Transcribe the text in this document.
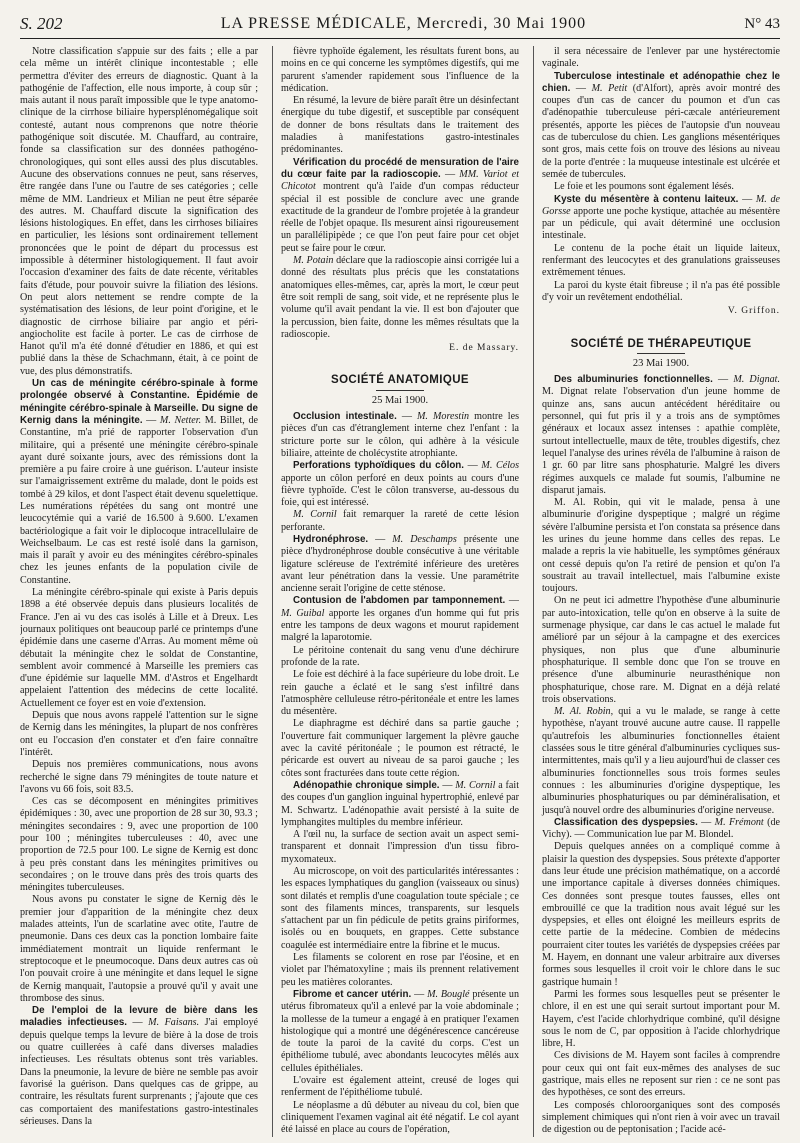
S. 202	LA PRESSE MÉDICALE, Mercredi, 30 Mai 1900	N° 43

Notre classification s'appuie sur des faits ; elle a par cela même un intérêt clinique incontestable ; elle permettra d'éviter des erreurs de diagnostic. Quant à la pathogénie de l'affection, elle nous importe, à coup sûr ; mais autant il nous paraît impossible que le type anatomo-clinique de la cirrhose biliaire hypersplénomégalique soit contesté, autant nous comprenons que notre théorie pathogénique soit discutée. M. Chauffard, au contraire, fonde sa classification sur des données pathogéno-chronologiques, qui sont elles aussi des plus discutables. Aucune des observations connues ne peut, sans réserves, être rangée dans l'une ou l'autre de ses catégories ; celle même de MM. Landrieux et Milian ne peut être séparée des autres. M. Chauffard discute la signification des lésions histologiques. En effet, dans les cirrhoses biliaires en particulier, les lésions sont ordinairement tellement prononcées que le point de départ du processus est impossible à déterminer histologiquement. Il faut avoir l'occasion d'examiner des faits de date récente, véritables faits d'étude, pour pouvoir suivre la filiation des lésions. On peut alors nettement se rendre compte de la systématisation des lésions, de leur point d'origine, et le diagnostic de cirrhose biliaire par angio et péri-angiocholite est facile à porter. Le cas de cirrhose de Hanot qu'il m'a été donné d'étudier en 1886, et qui est publié dans la thèse de Schachmann, était, à ce point de vue, des plus démonstratifs.

Un cas de méningite cérébro-spinale à forme prolongée observé à Constantine. Épidémie de méningite cérébro-spinale à Marseille. Du signe de Kernig dans la méningite. — M. Netter. M. Billet, de Constantine, m'a prié de rapporter l'observation d'un militaire, qui a présenté une méningite cérébro-spinale ayant duré soixante jours, avec des rémissions dont la première a pu faire croire à une guérison. L'auteur insiste sur l'amaigrissement extrême du malade, dont le poids est tombé à 29 kilos, et dont l'aspect était devenu squelettique. Les numérations répétées du sang ont montré une leucocytémie qui a varié de 16.500 à 9.600. L'examen bactériologique a fait voir le diplocoque intracellulaire de Weichselbaum. Le cas est resté isolé dans la garnison, mais il paraît y avoir eu des méningites cérébro-spinales chez les jeunes enfants de la population civile de Constantine.

La méningite cérébro-spinale qui existe à Paris depuis 1898 a été observée depuis dans plusieurs localités de France. J'en ai vu des cas isolés à Lille et à Dreux. Les journaux politiques ont beaucoup parlé ce printemps d'une épidémie dans une caserne d'Arras. Au moment même où débutait la méningite chez le soldat de Constantine, semblent avoir commencé à Marseille les premiers cas d'une épidémie sur laquelle MM. d'Astros et Engelhardt appelaient l'attention des médecins de cette localité. Actuellement ce foyer est en voie d'extension.

Depuis que nous avons rappelé l'attention sur le signe de Kernig dans les méningites, la plupart de nos confrères ont eu l'occasion d'en constater et d'en faire connaître l'intérêt.

Depuis nos premières communications, nous avons recherché le signe dans 79 méningites de toute nature et l'avons vu 66 fois, soit 83.5.

Ces cas se décomposent en méningites primitives épidémiques : 30, avec une proportion de 28 sur 30, 93.3 ; méningites secondaires : 9, avec une proportion de 100 pour 100 ; méningites tuberculeuses : 40, avec une proportion de 72.5 pour 100. Le signe de Kernig est donc à peu près constant dans les méningites primitives ou secondaires ; on le trouve dans près des trois quarts des méningites tuberculeuses.

Nous avons pu constater le signe de Kernig dès le premier jour d'apparition de la méningite chez deux malades atteints, l'un de scarlatine avec otite, l'autre de pneumonie. Dans ces deux cas la ponction lombaire faite immédiatement montrait un liquide renfermant le streptocoque et le pneumocoque. Dans deux autres cas où l'on pouvait croire à une méningite et dans lequel le signe de Kernig manquait, l'autopsie a prouvé qu'il y avait une thrombose des sinus.

De l'emploi de la levure de bière dans les maladies infectieuses. — M. Faisans. J'ai employé depuis quelque temps la levure de bière à la dose de trois ou quatre cuillerées à café dans diverses maladies infectieuses. Les résultats obtenus sont très variables. Dans la pneumonie, la levure de bière ne semble pas avoir favorisé la guérison. Dans quelques cas de grippe, au contraire, les résultats furent surprenants ; j'ajoute que ces cas comportaient des manifestations gastro-intestinales sérieuses. Dans la

fièvre typhoïde également, les résultats furent bons, au moins en ce qui concerne les symptômes digestifs, qui me parurent s'amender rapidement sous l'influence de la médication.

En résumé, la levure de bière paraît être un désinfectant énergique du tube digestif, et susceptible par conséquent de donner de bons résultats dans le traitement des maladies à manifestations gastro-intestinales prédominantes.

Vérification du procédé de mensuration de l'aire du cœur faite par la radioscopie. — MM. Variot et Chicotot montrent qu'à l'aide d'un compas réducteur spécial il est possible de conclure avec une grande exactitude de la grandeur de l'ombre projetée à la grandeur réelle de l'objet opaque. Ils mesurent ainsi rigoureusement un parallélipipède ; ce que l'on peut faire pour cet objet peut se faire pour le cœur.

M. Potain déclare que la radioscopie ainsi corrigée lui a donné des résultats plus précis que les constatations anatomiques elles-mêmes, car, après la mort, le cœur peut être soit rempli de sang, soit vide, et ne représente plus le volume qu'il avait pendant la vie. Il est bon d'ajouter que la percussion, bien faite, donne les mêmes résultats que la radioscopie.

E. de Massary.

SOCIÉTÉ ANATOMIQUE
25 Mai 1900.

Occlusion intestinale. — M. Morestin montre les pièces d'un cas d'étranglement interne chez l'enfant : la stricture porte sur le côlon, qui adhère à la vésicule biliaire, atteinte de cholécystite atrophiante.

Perforations typhoïdiques du côlon. — M. Célos apporte un côlon perforé en deux points au cours d'une fièvre typhoïde. C'est le côlon transverse, au-dessous du foie, qui est intéressé.

M. Cornil fait remarquer la rareté de cette lésion perforante.

Hydronéphrose. — M. Deschamps présente une pièce d'hydronéphrose double consécutive à une véritable ligature scléreuse de l'extrémité inférieure des uretères avant leur pénétration dans la vessie. Une paramétrite ancienne serait l'origine de cette sténose.

Contusion de l'abdomen par tamponnement. — M. Guibal apporte les organes d'un homme qui fut pris entre les tampons de deux wagons et mourut rapidement malgré la laparotomie.

Le péritoine contenait du sang venu d'une déchirure profonde de la rate.

Le foie est déchiré à la face supérieure du lobe droit. Le rein gauche a éclaté et le sang s'est infiltré dans l'atmosphère celluleuse rétro-péritonéale et entre les lames du mésentère.

Le diaphragme est déchiré dans sa partie gauche ; l'ouverture fait communiquer largement la plèvre gauche avec la cavité péritonéale ; le poumon est rétracté, le péricarde est ouvert au niveau de sa paroi gauche ; les côtes sont fracturées dans toute cette région.

Adénopathie chronique simple. — M. Cornil a fait des coupes d'un ganglion inguinal hypertrophié, enlevé par M. Schwartz. L'adénopathie avait persisté à la suite de lymphangites multiples du membre inférieur.

A l'œil nu, la surface de section avait un aspect semi-transparent et donnait l'impression d'un tissu fibro-myxomateux.

Au microscope, on voit des particularités intéressantes : les espaces lymphatiques du ganglion (vaisseaux ou sinus) sont dilatés et remplis d'une coagulation toute spéciale ; ce sont des filaments minces, transparents, sur lesquels s'attachent par un fin pédicule de petits grains piriformes, isolés ou en bouquets, en grappes. Cette substance coagulée est intermédiaire entre la fibrine et le mucus.

Les filaments se colorent en rose par l'éosine, et en violet par l'hématoxyline ; mais ils prennent relativement peu les matières colorantes.

Fibrome et cancer utérin. — M. Bouglé présente un utérus fibromateux qu'il a enlevé par la voie abdominale ; la mollesse de la tumeur a engagé à en pratiquer l'examen histologique qui a montré une dégénérescence cancéreuse de toute la paroi de la cavité du corps. C'est un épithéliome tubulé, avec abondants leucocytes mêlés aux cellules épithéliales.

L'ovaire est également atteint, creusé de loges qui renferment de l'épithéliome tubulé.

Le néoplasme a dû débuter au niveau du col, bien que cliniquement l'examen vaginal ait été négatif. Le col ayant été laissé en place au cours de l'opération,

il sera nécessaire de l'enlever par une hystérectomie vaginale.

Tuberculose intestinale et adénopathie chez le chien. — M. Petit (d'Alfort), après avoir montré des coupes d'un cas de cancer du poumon et d'un cas d'adénopathie tuberculeuse péri-cæcale antérieurement présentés, apporte les pièces de l'autopsie d'un nouveau cas de tuberculose du chien. Les ganglions mésentériques sont gros, mais cette fois on trouve des lésions au niveau de la porte d'entrée : la muqueuse intestinale est ulcérée et semée de tubercules.

Le foie et les poumons sont également lésés.

Kyste du mésentère à contenu laiteux. — M. de Gorsse apporte une poche kystique, attachée au mésentère par un pédicule, qui avait déterminé une occlusion intestinale.

Le contenu de la poche était un liquide laiteux, renfermant des leucocytes et des granulations graisseuses extrêmement ténues.

La paroi du kyste était fibreuse ; il n'a pas été possible d'y voir un revêtement endothélial.

V. Griffon.

SOCIÉTÉ DE THÉRAPEUTIQUE
23 Mai 1900.

Des albuminuries fonctionnelles. — M. Dignat. M. Dignat relate l'observation d'un jeune homme de quinze ans, sans aucun antécédent héréditaire ou personnel, qui fut pris il y a trois ans de symptômes généraux et locaux assez intenses : apathie complète, surtout intellectuelle, maux de tête, troubles digestifs, chez lequel l'analyse des urines révéla de l'albumine à raison de 1 gr. 60 par litre sans phosphaturie. Malgré les divers régimes auxquels ce malade fut soumis, l'albumine ne disparut jamais.

M. Al. Robin, qui vit le malade, pensa à une albuminurie d'origine dyspeptique ; malgré un régime sévère l'albumine persista et l'on constata sa présence dans les urines du jeune homme dans celles des repas. Le malade a repris la vie habituelle, les symptômes généraux ont cessé depuis qu'on l'a retiré de pension et qu'on l'a soustrait au travail intellectuel, mais l'albumine existe toujours.

On ne peut ici admettre l'hypothèse d'une albuminurie par auto-intoxication, telle qu'on en observe à la suite de surmenage physique, car dans le cas actuel le malade fut amélioré par un séjour à la campagne et des exercices physiques, non plus que d'une albuminurie phosphaturique. Il semble donc que l'on se trouve en présence d'une albuminurie neurasthénique non phosphaturique, chose rare. M. Dignat en a déjà relaté trois observations.

M. Al. Robin, qui a vu le malade, se range à cette hypothèse, n'ayant trouvé aucune autre cause. Il rappelle qu'autrefois les albuminuries fonctionnelles étaient classées sous le titre général d'albuminuries cycliques sus-intermittentes, mais qu'il y a lieu aujourd'hui de classer ces albuminuries fonctionnelles sous trois formes seules connues : les albuminuries d'origine dyspeptique, les albuminuries phosphaturiques ou par déminéralisation, et jusqu'à nouvel ordre des albuminuries d'origine nerveuse.

Classification des dyspepsies. — M. Frémont (de Vichy). — Communication lue par M. Blondel.

Depuis quelques années on a compliqué comme à plaisir la question des dyspepsies. Sous prétexte d'apporter dans leur étude une précision mathématique, on a accordé une importance capitale à diverses données chimiques. Ces données sont presque toutes fausses, elles ont embrouillé ce que la tradition nous avait légué sur les dyspepsies, et elles ont éloigné les meilleurs esprits de cette partie de la médecine. Combien de médecins pourraient citer toutes les variétés de dyspepsies créées par M. Hayem, en donnant une valeur arbitraire aux diverses formes sous lesquelles il croit voir le chlore dans le suc gastrique humain !

Parmi les formes sous lesquelles peut se présenter le chlore, il en est une qui serait surtout important pour M. Hayem, c'est l'acide chlorhydrique combiné, qu'il désigne sous le nom de C, par opposition à l'acide chlorhydrique libre, H.

Ces divisions de M. Hayem sont faciles à comprendre pour ceux qui ont fait eux-mêmes des analyses de suc gastrique, mais elles ne reposent sur rien : ce ne sont pas des hypothèses, ce sont des erreurs.

Les composés chloroorganiques sont des composés simplement chimiques qui n'ont rien à voir avec un travail de digestion ou de peptonisation ; l'acide acé-
